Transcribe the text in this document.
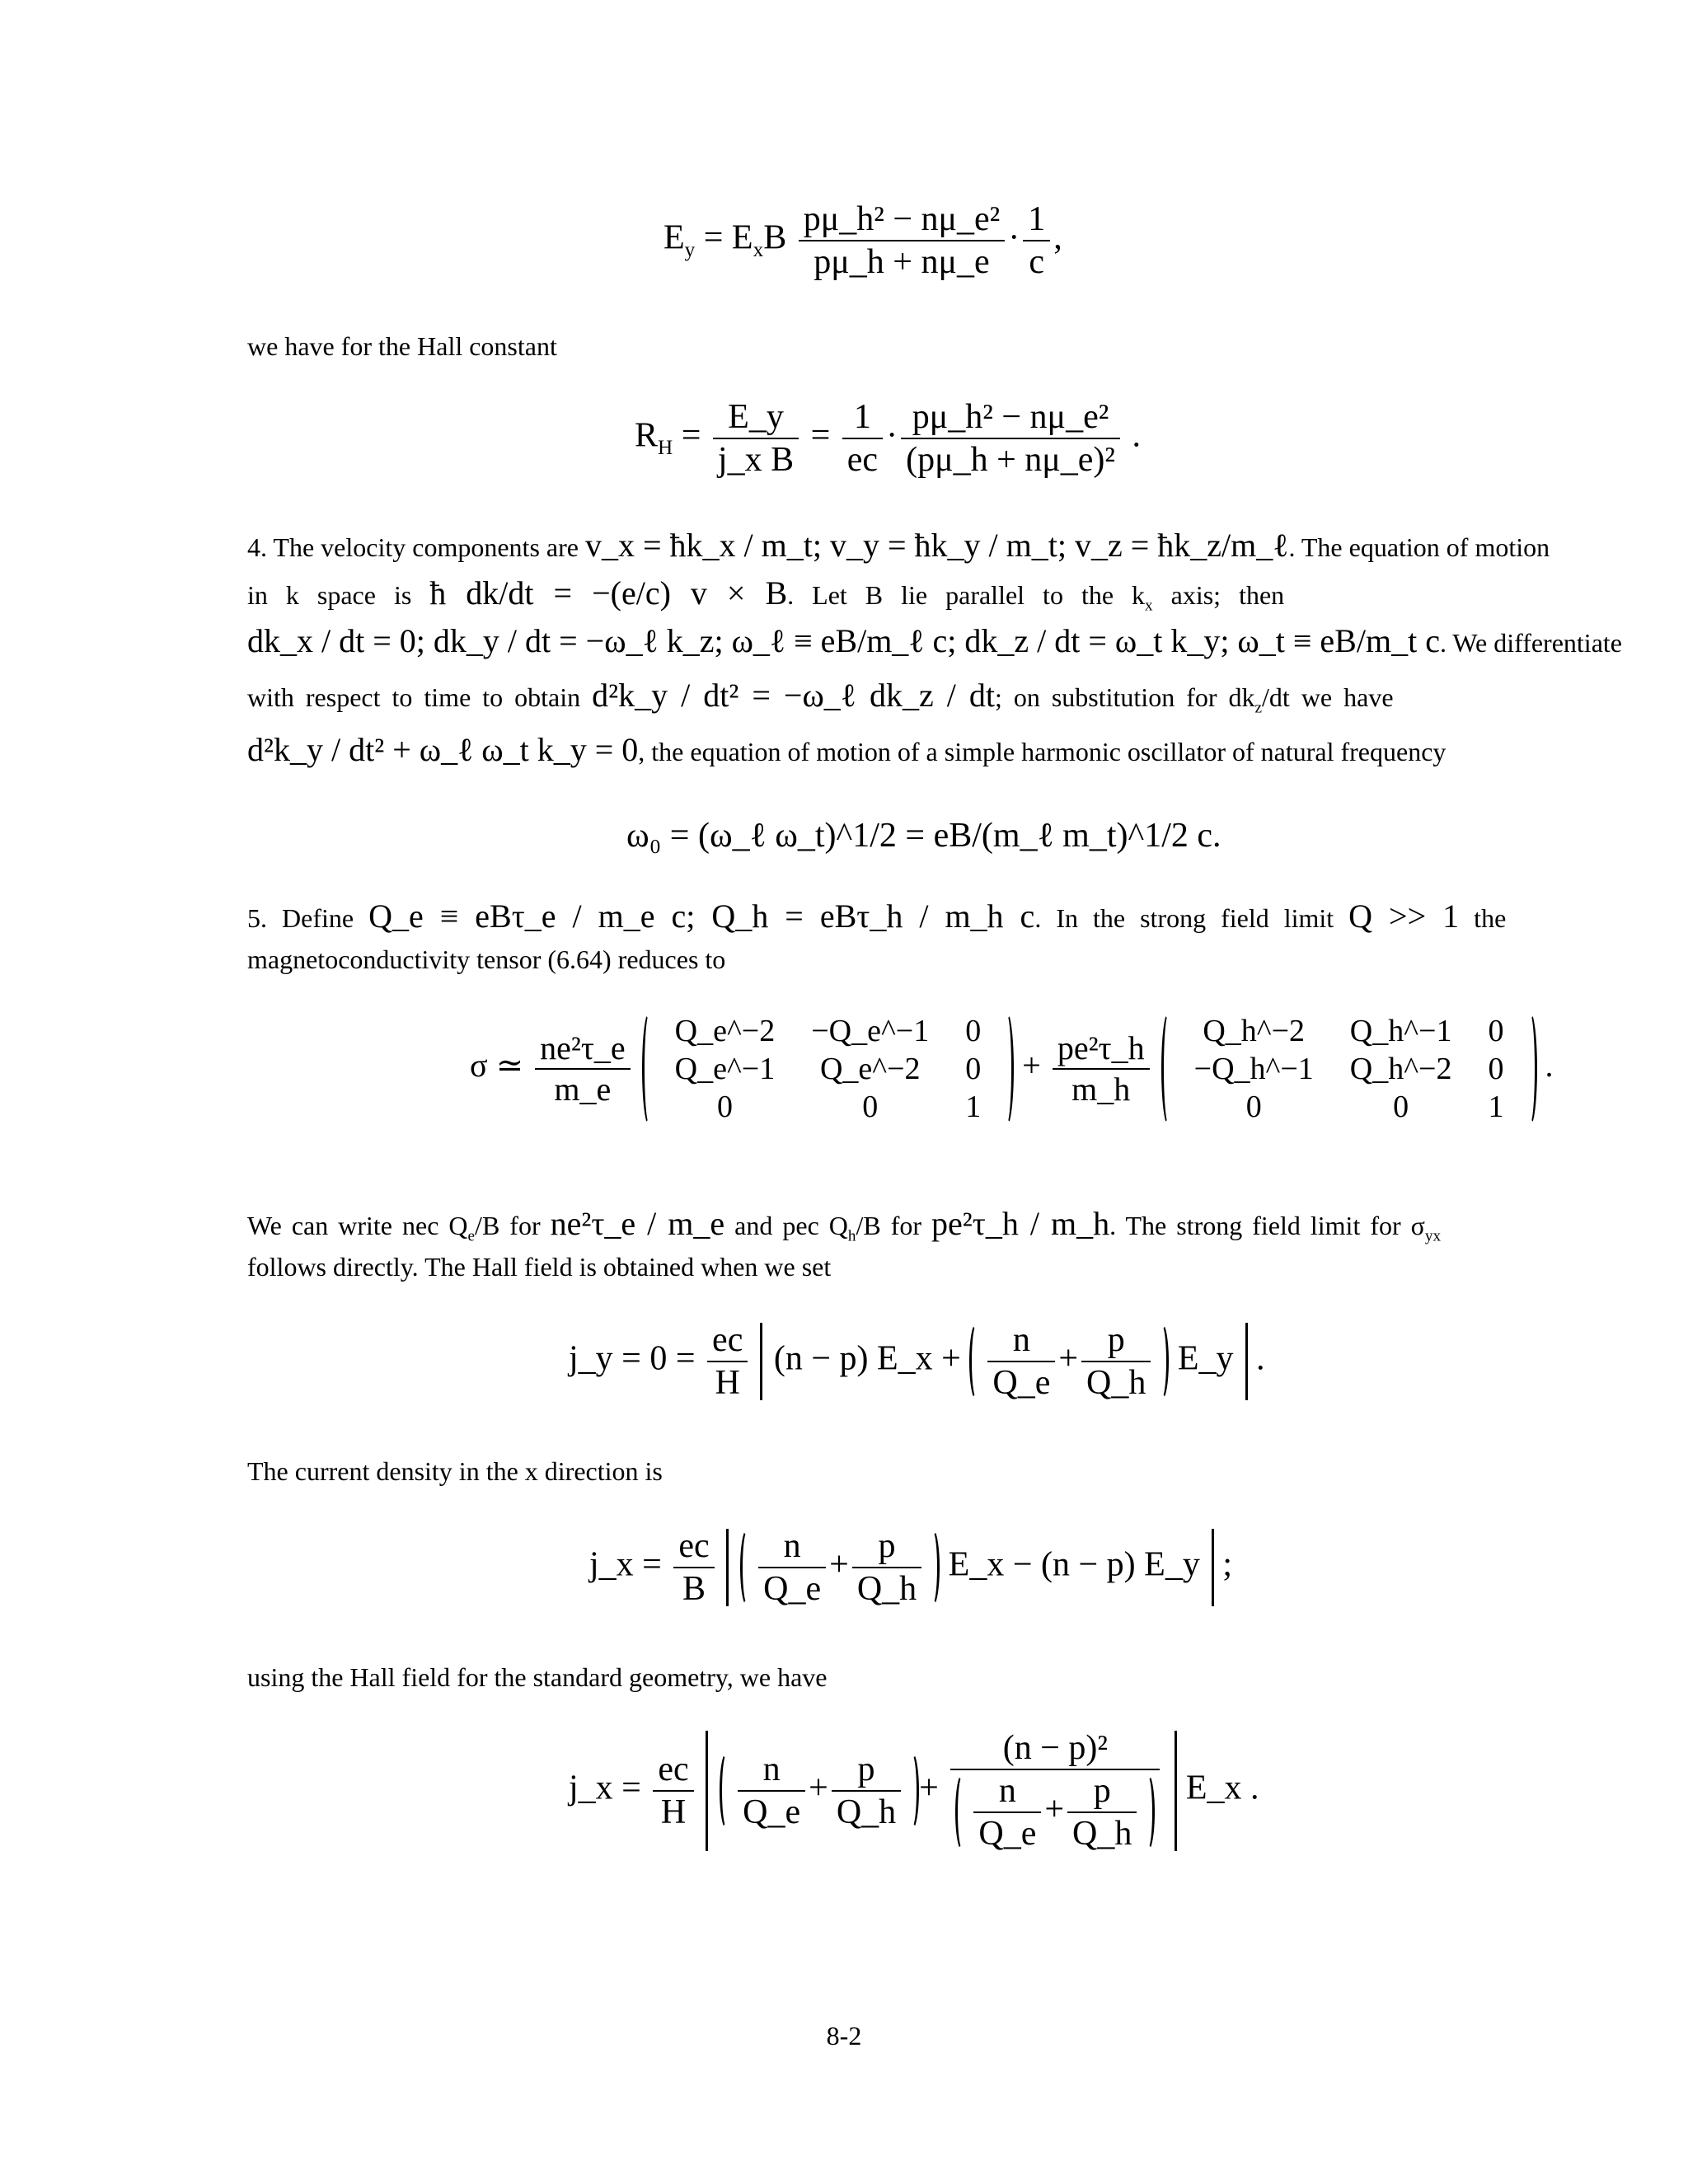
$E_y = E_xB \frac{\text{pμ\_h² − nμ\_e²}}{p\mu\_h + n\mu\_e} \cdot \frac{1}{c}$ ,
we have for the Hall constant
$R_H = \frac{E\_y}{\text{j\_x B}} = \frac{1}{ec} \cdot \frac{\text{pμ\_h² − nμ\_e²}}{\text{(pμ\_h + nμ\_e)²}}$ .
4. The velocity components are v_x = ħk_x / m_t; v_y = ħk_y / m_t; v_z = ħk_z/m_ℓ. The equation of motion
in k space is ħ dk/dt = −(e/c) v × B. Let B lie parallel to the $k_x$ axis; then
dk_x / dt = 0; dk_y / dt = −ω_ℓ k_z; ω_ℓ ≡ eB/m_ℓ c; dk_z / dt = ω_t k_y; ω_t ≡ eB/m_t c. We differentiate
with respect to time to obtain d²k_y / dt² = −ω_ℓ dk_z / dt; on substitution for $dk_z/dt$ we have
d²k_y / dt² + ω_ℓ ω_t k_y = 0, the equation of motion of a simple harmonic oscillator of natural frequency
ω₀ = (ω_ℓ ω_t)^1/2 = eB/(m_ℓ m_t)^1/2 c.
5. Define Q_e ≡ eBτ_e / m_e c; Q_h = eBτ_h / m_h c. In the strong field limit Q >> 1 the
magnetoconductivity tensor (6.64) reduces to
σ ≃ $\frac{\text{ne²τ\_e}}{m\_e}$

Q_e^−2	−Q_e^−1	0
Q_e^−1	Q_e^−2	0
0	0	1
+ $\frac{\text{pe²τ\_h}}{m\_h}$

Q_h^−2	Q_h^−1	0
−Q_h^−1	Q_h^−2	0
0	0	1
.
We can write nec $Q_e/B$ for ne²τ_e / m_e and pec $Q_h/B$ for pe²τ_h / m_h. The strong field limit for $\sigma_{yx}$
follows directly. The Hall field is obtained when we set
j_y = $0 = \frac{ec}{H} (n - p)$ E_x + $\frac{n}{Q\_e} + \frac{p}{Q\_h}$ E_y .
The current density in the x direction is
j_x = $\frac{ec}{B}$
$\frac{n}{Q\_e} + \frac{p}{Q\_h}$ E_x − (n − p) E_y ;
using the Hall field for the standard geometry, we have
j_x = $\frac{ec}{H}$
$\frac{n}{Q\_e} + \frac{p}{Q\_h} + \frac{\text{(n − p)²}}{\frac{n}{Q\_e} + \frac{p}{Q\_h}}$ E_x .
8-2
